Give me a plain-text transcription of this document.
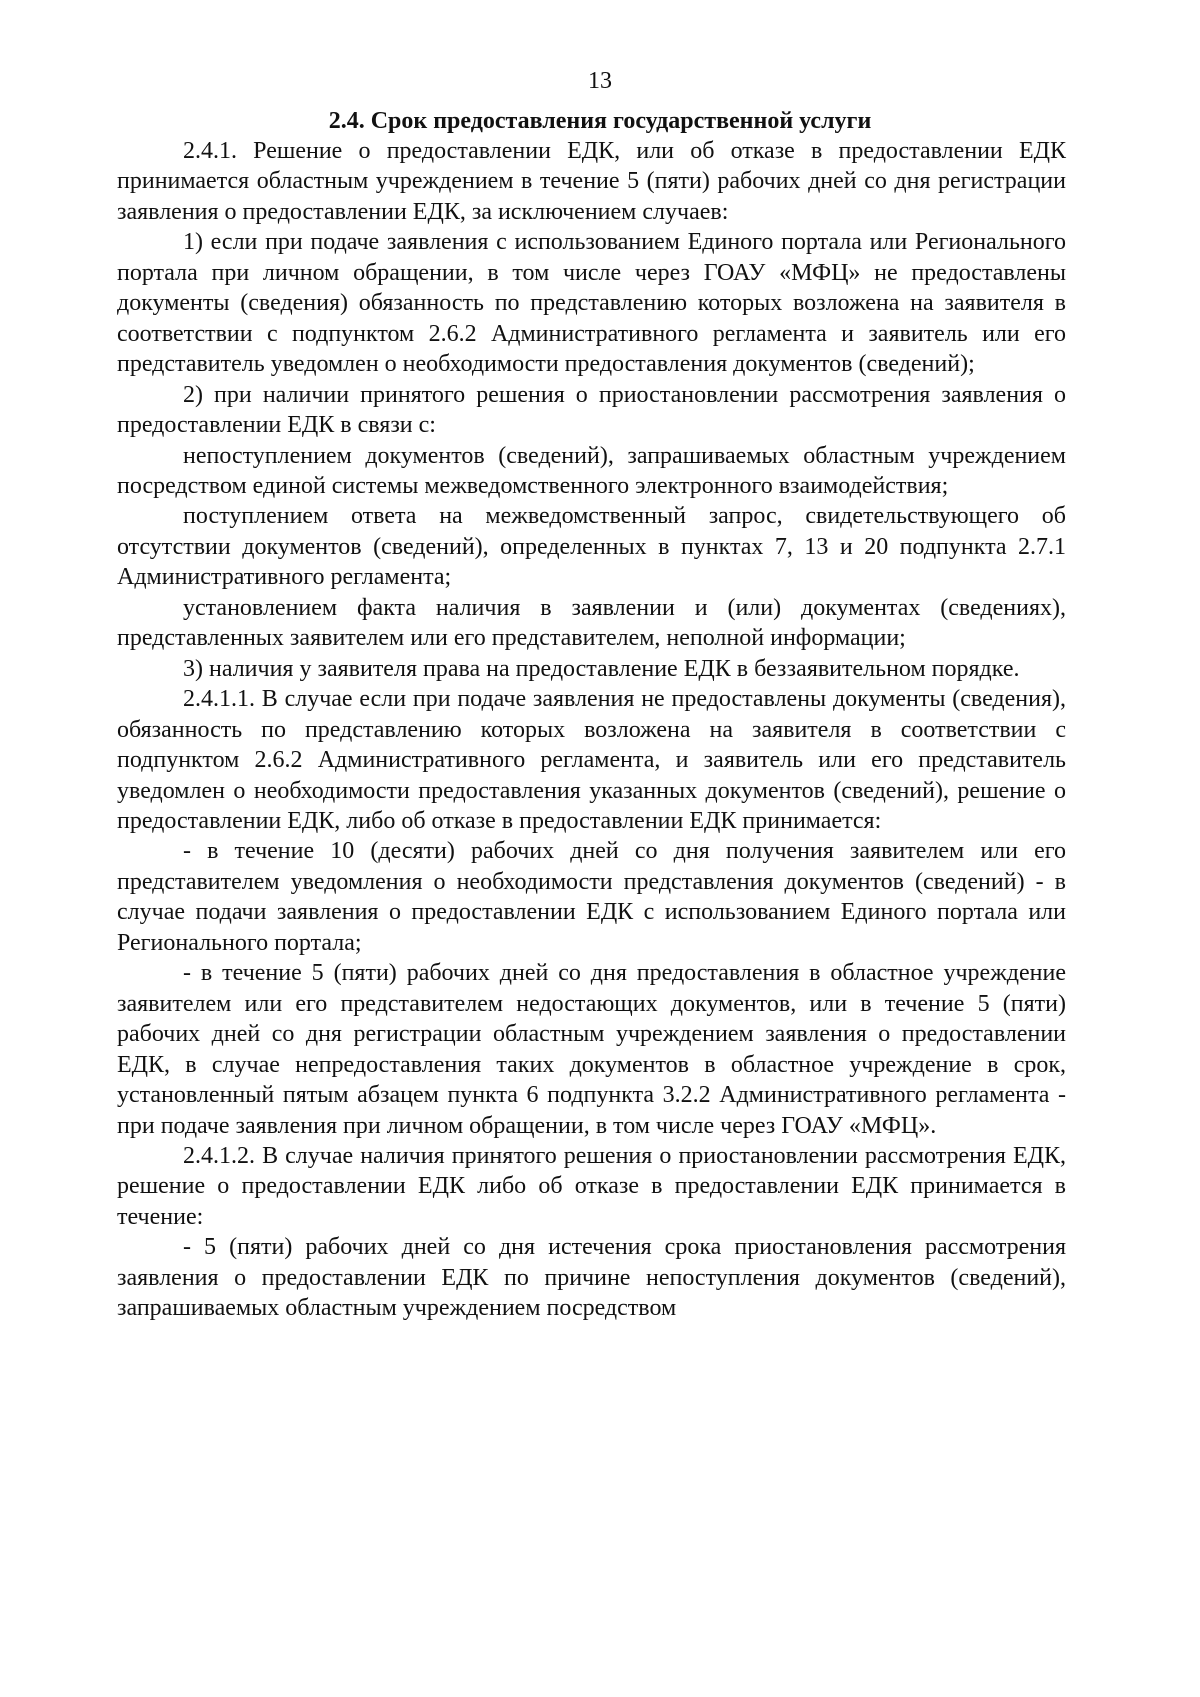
13
2.4. Срок предоставления государственной услуги

2.4.1. Решение о предоставлении ЕДК, или об отказе в предоставлении ЕДК принимается областным учреждением в течение 5 (пяти) рабочих дней со дня регистрации заявления о предоставлении ЕДК, за исключением случаев:

1) если при подаче заявления с использованием Единого портала или Регионального портала при личном обращении, в том числе через ГОАУ «МФЦ» не предоставлены документы (сведения) обязанность по представлению которых возложена на заявителя в соответствии с подпунктом 2.6.2 Административного регламента и заявитель или его представитель уведомлен о необходимости предоставления документов (сведений);

2) при наличии принятого решения о приостановлении рассмотрения заявления о предоставлении ЕДК в связи с:

непоступлением документов (сведений), запрашиваемых областным учреждением посредством единой системы межведомственного электронного взаимодействия;

поступлением ответа на межведомственный запрос, свидетельствующего об отсутствии документов (сведений), определенных в пунктах 7, 13 и 20 подпункта 2.7.1 Административного регламента;

установлением факта наличия в заявлении и (или) документах (сведениях), представленных заявителем или его представителем, неполной информации;

3) наличия у заявителя права на предоставление ЕДК в беззаявительном порядке.

2.4.1.1. В случае если при подаче заявления не предоставлены документы (сведения), обязанность по представлению которых возложена на заявителя в соответствии с подпунктом 2.6.2 Административного регламента, и заявитель или его представитель уведомлен о необходимости предоставления указанных документов (сведений), решение о предоставлении ЕДК, либо об отказе в предоставлении ЕДК принимается:

- в течение 10 (десяти) рабочих дней со дня получения заявителем или его представителем уведомления о необходимости представления документов (сведений) - в случае подачи заявления о предоставлении ЕДК с использованием Единого портала или Регионального портала;

- в течение 5 (пяти) рабочих дней со дня предоставления в областное учреждение заявителем или его представителем недостающих документов, или в течение 5 (пяти) рабочих дней со дня регистрации областным учреждением заявления о предоставлении ЕДК, в случае непредоставления таких документов в областное учреждение в срок, установленный пятым абзацем пункта 6 подпункта 3.2.2 Административного регламента - при подаче заявления при личном обращении, в том числе через ГОАУ «МФЦ».

2.4.1.2. В случае наличия принятого решения о приостановлении рассмотрения ЕДК, решение о предоставлении ЕДК либо об отказе в предоставлении ЕДК принимается в течение:

- 5 (пяти) рабочих дней со дня истечения срока приостановления рассмотрения заявления о предоставлении ЕДК по причине непоступления документов (сведений), запрашиваемых областным учреждением посредством
